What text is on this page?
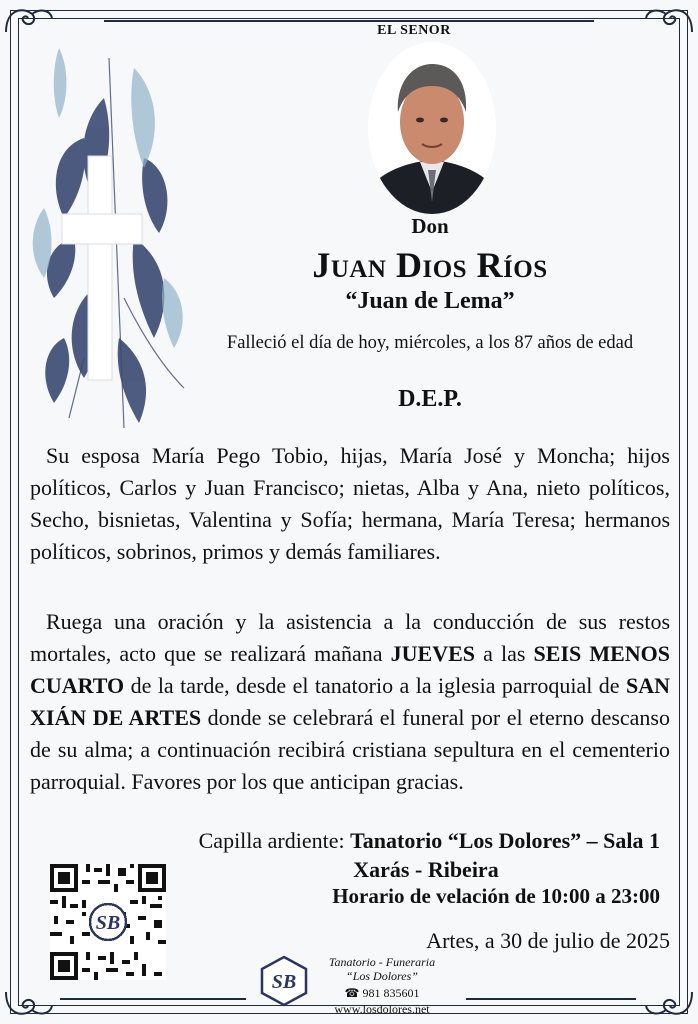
EL SENOR
Don
Juan Dios Ríos
“Juan de Lema”
Falleció el día de hoy, miércoles, a los 87 años de edad
D.E.P.
Su esposa María Pego Tobio, hijas, María José y Moncha; hijos políticos, Carlos y Juan Francisco; nietas, Alba y Ana, nieto políticos, Secho, bisnietas, Valentina y Sofía; hermana, María Teresa; hermanos políticos, sobrinos, primos y demás familiares.
Ruega una oración y la asistencia a la conducción de sus restos mortales, acto que se realizará mañana JUEVES a las SEIS MENOS CUARTO de la tarde, desde el tanatorio a la iglesia parroquial de SAN XIÁN DE ARTES donde se celebrará el funeral por el eterno descanso de su alma; a continuación recibirá cristiana sepultura en el cementerio parroquial. Favores por los que anticipan gracias.
Capilla ardiente: Tanatorio “Los Dolores” – Sala 1
Xarás - Ribeira
Horario de velación de 10:00 a 23:00
Artes, a 30 de julio de 2025
SB
SB
Tanatorio - Funeraria
“Los Dolores”
☎ 981 835601
www.losdolores.net
